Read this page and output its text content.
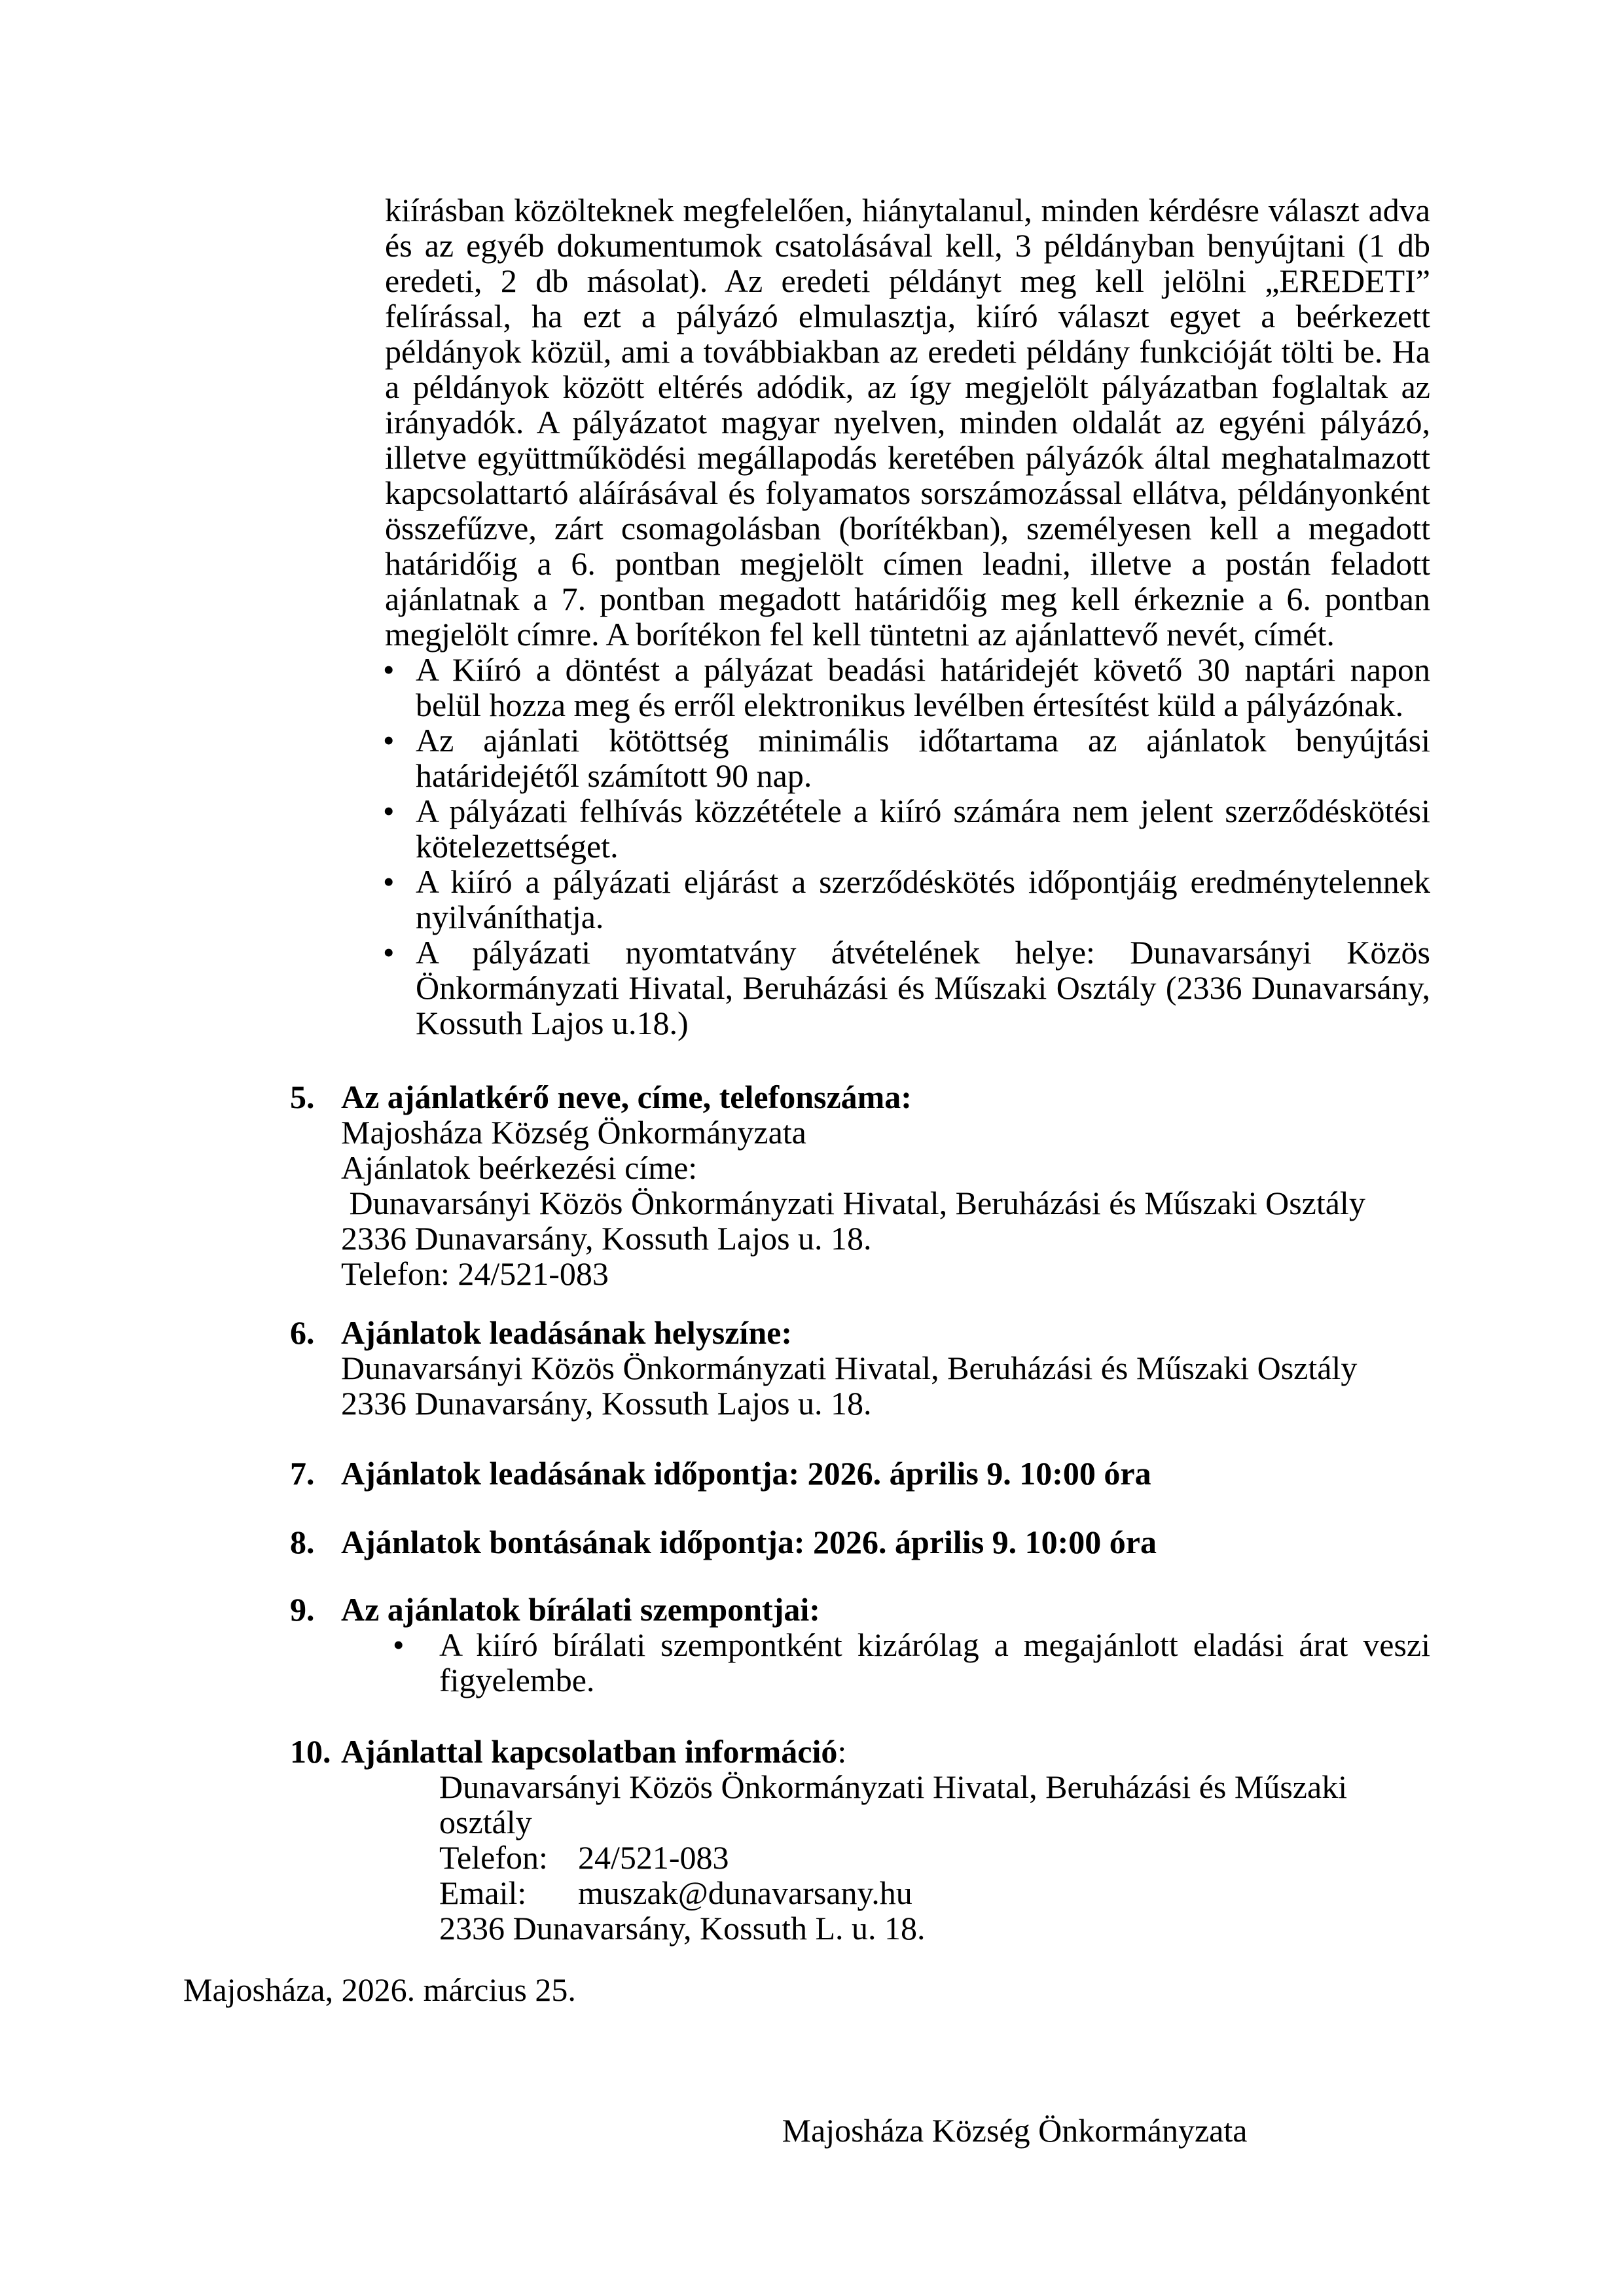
kiírásban közölteknek megfelelően, hiánytalanul, minden kérdésre választ adva és az egyéb dokumentumok csatolásával kell, 3 példányban benyújtani (1 db eredeti, 2 db másolat). Az eredeti példányt meg kell jelölni „EREDETI” felírással, ha ezt a pályázó elmulasztja, kiíró választ egyet a beérkezett példányok közül, ami a továbbiakban az eredeti példány funkcióját tölti be. Ha a példányok között eltérés adódik, az így megjelölt pályázatban foglaltak az irányadók. A pályázatot magyar nyelven, minden oldalát az egyéni pályázó, illetve együttműködési megállapodás keretében pályázók által meghatalmazott kapcsolattartó aláírásával és folyamatos sorszámozással ellátva, példányonként összefűzve, zárt csomagolásban (borítékban), személyesen kell a megadott határidőig a 6. pontban megjelölt címen leadni, illetve a postán feladott ajánlatnak a 7. pontban megadott határidőig meg kell érkeznie a 6. pontban megjelölt címre. A borítékon fel kell tüntetni az ajánlattevő nevét, címét.

• A Kiíró a döntést a pályázat beadási határidejét követő 30 naptári napon belül hozza meg és erről elektronikus levélben értesítést küld a pályázónak.
• Az ajánlati kötöttség minimális időtartama az ajánlatok benyújtási határidejétől számított 90 nap.
• A pályázati felhívás közzététele a kiíró számára nem jelent szerződéskötési kötelezettséget.
• A kiíró a pályázati eljárást a szerződéskötés időpontjáig eredménytelennek nyilváníthatja.
• A pályázati nyomtatvány átvételének helye: Dunavarsányi Közös Önkormányzati Hivatal, Beruházási és Műszaki Osztály (2336 Dunavarsány, Kossuth Lajos u.18.)
5. Az ajánlatkérő neve, címe, telefonszáma:
Majosháza Község Önkormányzata
Ajánlatok beérkezési címe:
Dunavarsányi Közös Önkormányzati Hivatal, Beruházási és Műszaki Osztály
2336 Dunavarsány, Kossuth Lajos u. 18.
Telefon: 24/521-083
6. Ajánlatok leadásának helyszíne:
Dunavarsányi Közös Önkormányzati Hivatal, Beruházási és Műszaki Osztály
2336 Dunavarsány, Kossuth Lajos u. 18.
7. Ajánlatok leadásának időpontja: 2026. április 9. 10:00 óra
8. Ajánlatok bontásának időpontja: 2026. április 9. 10:00 óra
9. Az ajánlatok bírálati szempontjai:
• A kiíró bírálati szempontként kizárólag a megajánlott eladási árat veszi figyelembe.
10. Ajánlattal kapcsolatban információ:
Dunavarsányi Közös Önkormányzati Hivatal, Beruházási és Műszaki osztály
Telefon: 24/521-083
Email:	muszak@dunavarsany.hu
2336 Dunavarsány, Kossuth L. u. 18.

Majosháza, 2026. március 25.

Majosháza Község Önkormányzata
